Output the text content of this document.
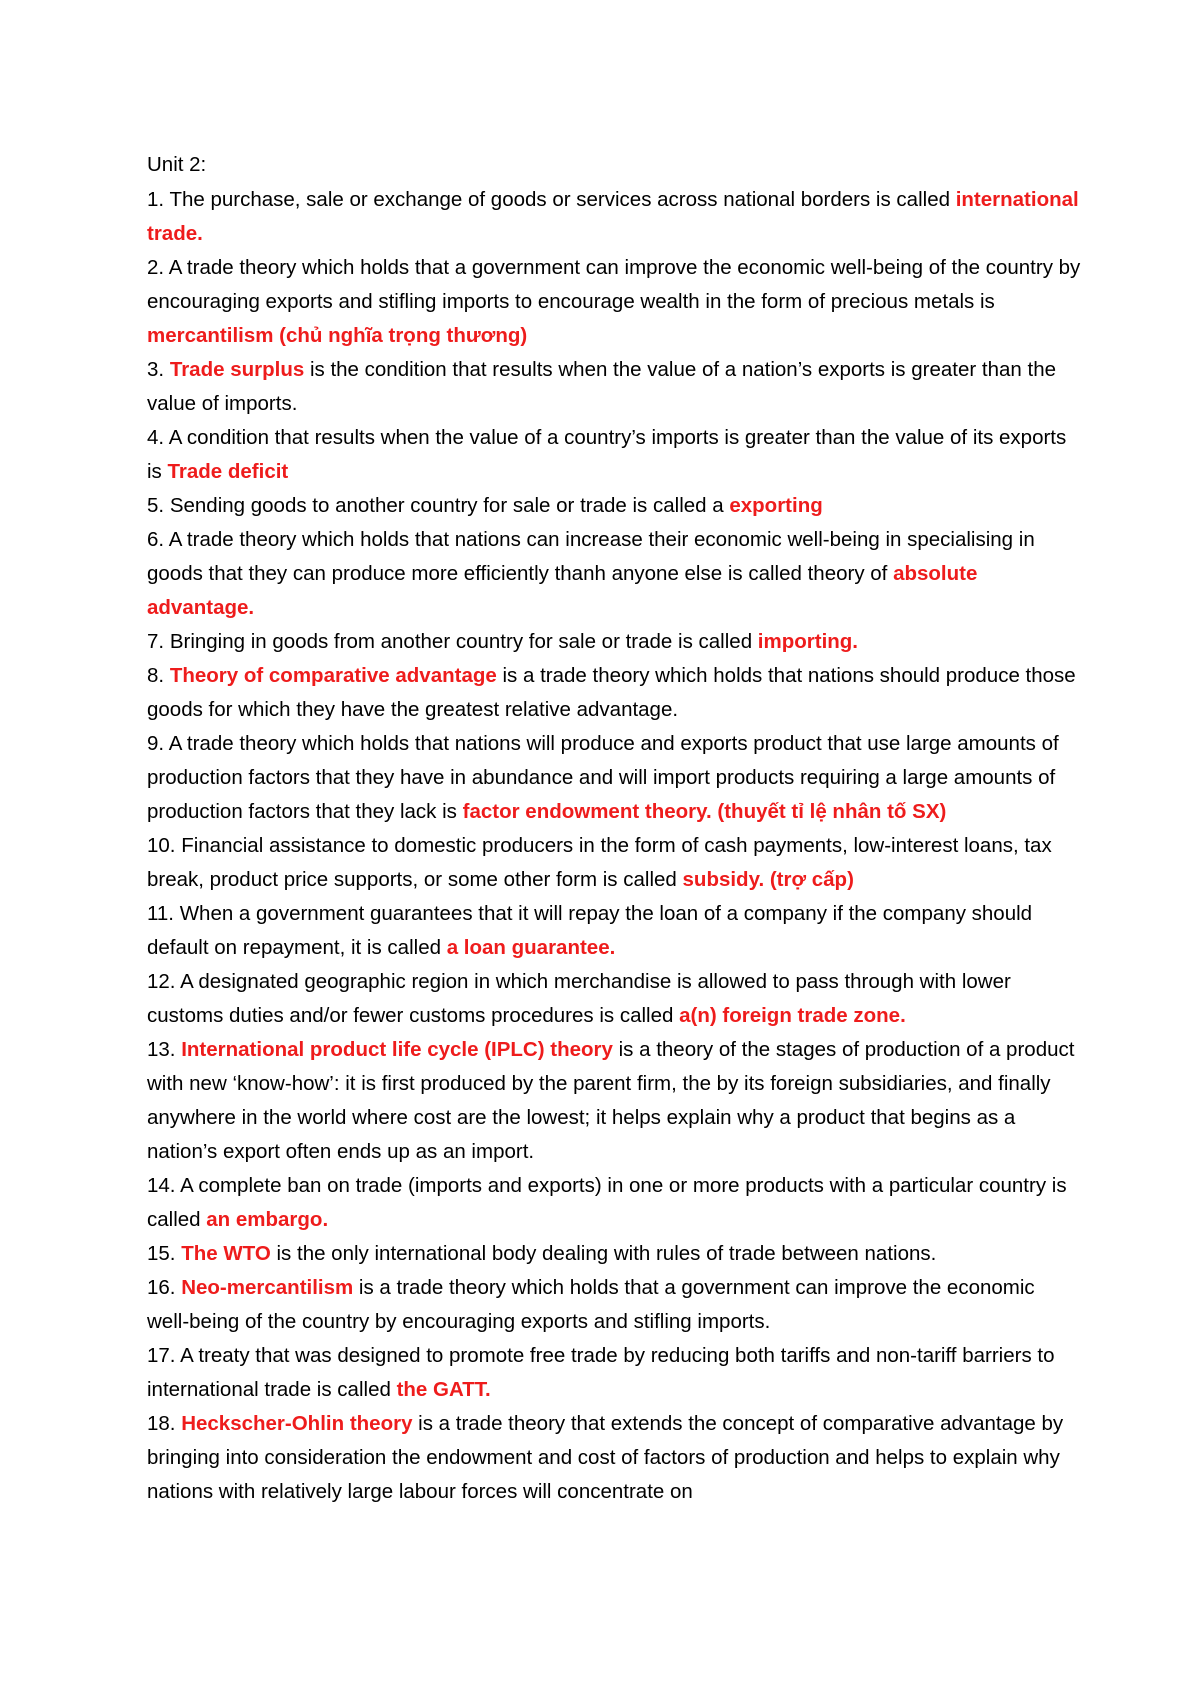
Unit 2:

1. The purchase, sale or exchange of goods or services across national borders is called international trade.

2. A trade theory which holds that a government can improve the economic well-being of the country by encouraging exports and stifling imports to encourage wealth in the form of precious metals is mercantilism (chủ nghĩa trọng thương)

3. Trade surplus is the condition that results when the value of a nation’s exports is greater than the value of imports.

4. A condition that results when the value of a country’s imports is greater than the value of its exports is Trade deficit

5. Sending goods to another country for sale or trade is called a exporting

6. A trade theory which holds that nations can increase their economic well-being in specialising in goods that they can produce more efficiently thanh anyone else is called theory of absolute advantage.

7. Bringing in goods from another country for sale or trade is called importing.

8. Theory of comparative advantage is a trade theory which holds that nations should produce those goods for which they have the greatest relative advantage.

9. A trade theory which holds that nations will produce and exports product that use large amounts of production factors that they have in abundance and will import products requiring a large amounts of production factors that they lack is factor endowment theory. (thuyết tỉ lệ nhân tố SX)

10. Financial assistance to domestic producers in the form of cash payments, low-interest loans, tax break, product price supports, or some other form is called subsidy. (trợ cấp)

11. When a government guarantees that it will repay the loan of a company if the company should default on repayment, it is called a loan guarantee.

12. A designated geographic region in which merchandise is allowed to pass through with lower customs duties and/or fewer customs procedures is called a(n) foreign trade zone.

13. International product life cycle (IPLC) theory is a theory of the stages of production of a product with new ‘know-how’: it is first produced by the parent firm, the by its foreign subsidiaries, and finally anywhere in the world where cost are the lowest; it helps explain why a product that begins as a nation’s export often ends up as an import.

14. A complete ban on trade (imports and exports) in one or more products with a particular country is called an embargo.

15. The WTO is the only international body dealing with rules of trade between nations.

16. Neo-mercantilism is a trade theory which holds that a government can improve the economic well-being of the country by encouraging exports and stifling imports.

17. A treaty that was designed to promote free trade by reducing both tariffs and non-tariff barriers to international trade is called the GATT.

18. Heckscher-Ohlin theory is a trade theory that extends the concept of comparative advantage by bringing into consideration the endowment and cost of factors of production and helps to explain why nations with relatively large labour forces will concentrate on
